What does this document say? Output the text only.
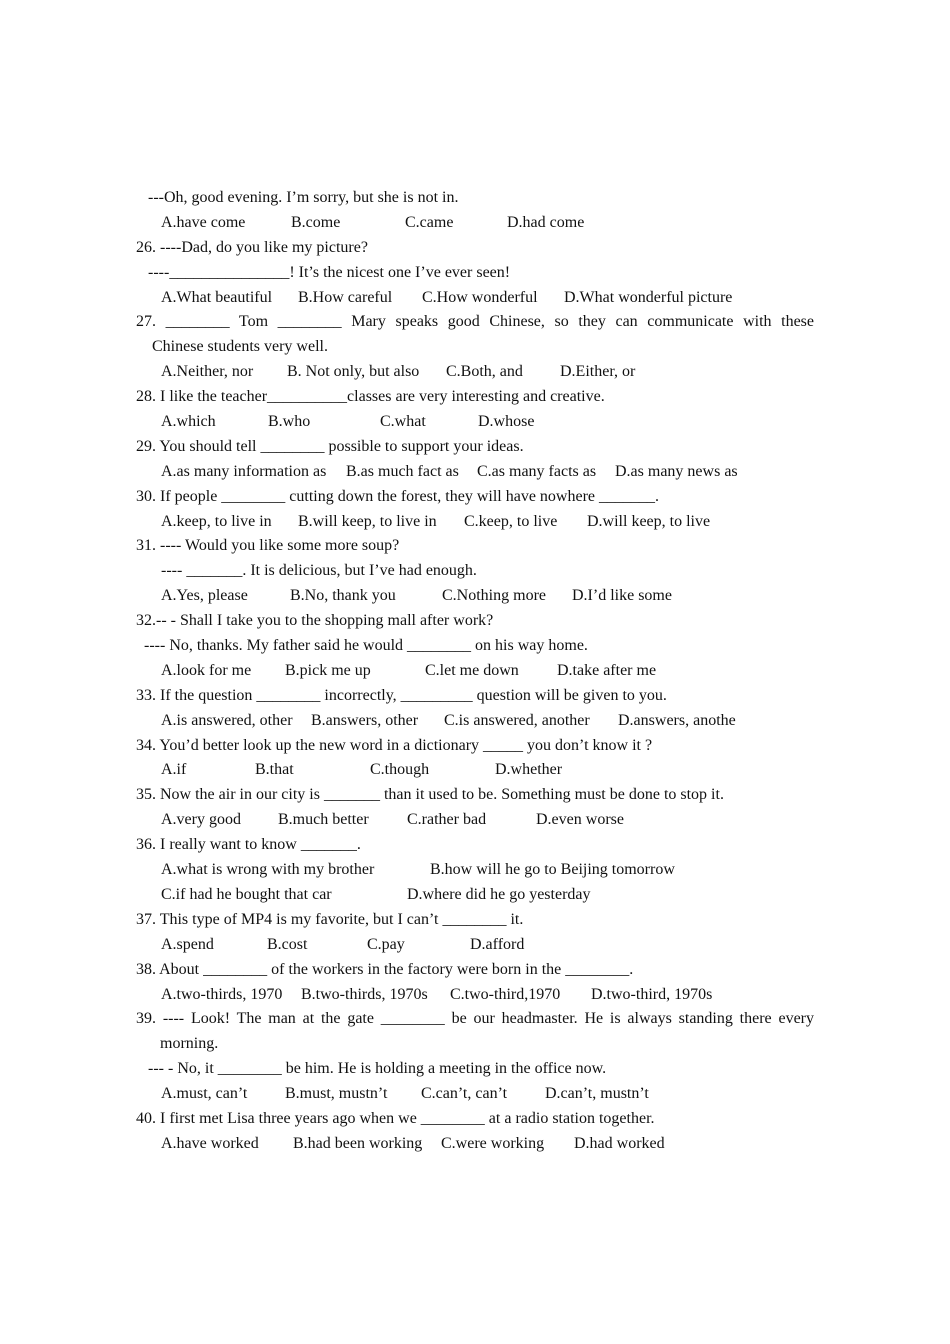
---Oh, good evening. I’m sorry, but she is not in.

A.have come

	B.come

	C.came

	D.had come

26. ----Dad, do you like my picture?
----_______________! It’s the nicest one I’ve ever seen!

A.What beautiful

B.How careful

C.How wonderful

D.What wonderful picture

27. ________ Tom ________ Mary speaks good Chinese, so they can communicate with these
Chinese students very well.

A.Neither, nor

B. Not only, but also

C.Both, and

D.Either, or

28. I like the teacher__________classes are very interesting and creative.

A.which

	B.who

	C.what

	D.whose

29. You should tell ________ possible to support your ideas.

A.as many information as

B.as much fact as

C.as many facts as

D.as many news as

30. If people ________ cutting down the forest, they will have nowhere _______.

A.keep, to live in

B.will keep, to live in

C.keep, to live

D.will keep, to live

31. ---- Would you like some more soup?
---- _______. It is delicious, but I’ve had enough.

A.Yes, please

	B.No, thank you

	C.Nothing more

D.I’d like some

32.-- - Shall I take you to the shopping mall after work?
---- No, thanks. My father said he would ________ on his way home.

A.look for me

B.pick me up

	C.let me down

D.take after me

33. If the question ________ incorrectly, _________ question will be given to you.

A.is answered, other

B.answers, other

C.is answered, another

D.answers, anothe

34. You’d better look up the new word in a dictionary _____ you don’t know it ?

A.if

	B.that

	C.though

	D.whether

35. Now the air in our city is _______ than it used to be. Something must be done to stop it.

A.very good

B.much better

C.rather bad

	D.even worse

36. I really want to know _______.

A.what is wrong with my brother

	B.how will he go to Beijing tomorrow

C.if had he bought that car

	D.where did he go yesterday

37. This type of MP4 is my favorite, but I can’t ________ it.

A.spend

	B.cost

	C.pay

	D.afford

38. About ________ of the workers in the factory were born in the ________.

A.two-thirds, 1970

B.two-thirds, 1970s

C.two-third,1970

D.two-third, 1970s

39. ---- Look! The man at the gate ________ be our headmaster. He is always standing there every
morning.
--- - No, it ________ be him. He is holding a meeting in the office now.

A.must, can’t

B.must, mustn’t

C.can’t, can’t

D.can’t, mustn’t

40. I first met Lisa three years ago when we ________ at a radio station together.

A.have worked

B.had been working

C.were working

D.had worked
